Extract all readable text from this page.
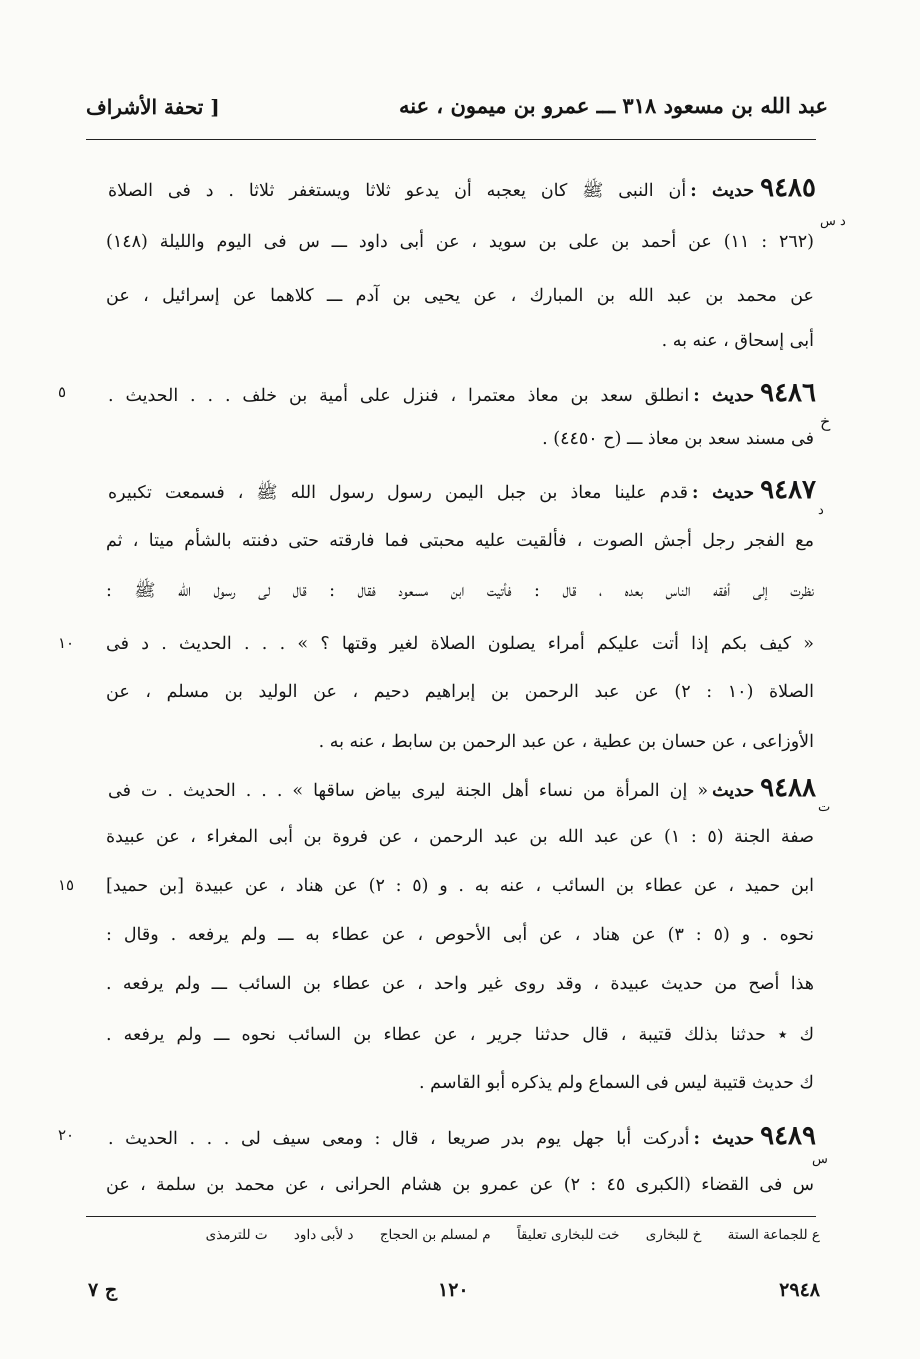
عبد الله بن مسعود ٣١٨ ـــ عمرو بن ميمون ، عنه
[ تحفة الأشراف
٩٤٨٥حديث :أن النبى ﷺ كان يعجبه أن يدعو ثلاثا ويستغفر ثلاثا . د فى الصلاة
د س
(٢٦٢ : ١١) عن أحمد بن على بن سويد ، عن أبى داود ـــ س فى اليوم والليلة (١٤٨)
عن محمد بن عبد الله بن المبارك ، عن يحيى بن آدم ـــ كلاهما عن إسرائيل ، عن
أبى إسحاق ، عنه به .
٩٤٨٦حديث :انطلق سعد بن معاذ معتمرا ، فنزل على أمية بن خلف . . . الحديث .
خ
فى مسند سعد بن معاذ ـــ (ح ٤٤٥٠) .
٩٤٨٧حديث :قدم علينا معاذ بن جبل اليمن رسول رسول الله ﷺ ، فسمعت تكبيره
د
مع الفجر رجل أجش الصوت ، فألقيت عليه محبتى فما فارقته حتى دفنته بالشأم ميتا ، ثم
نظرت إلى أفقه الناس بعده ، قال : فأتيت ابن مسعود فقال : قال لى رسول الله ﷺ :
« كيف بكم إذا أتت عليكم أمراء يصلون الصلاة لغير وقتها ؟ » . . . الحديث . د فى
الصلاة (١٠ : ٢) عن عبد الرحمن بن إبراهيم دحيم ، عن الوليد بن مسلم ، عن
الأوزاعى ، عن حسان بن عطية ، عن عبد الرحمن بن سابط ، عنه به .
٩٤٨٨حديث« إن المرأة من نساء أهل الجنة ليرى بياض ساقها » . . . الحديث . ت فى
ت
صفة الجنة (٥ : ١) عن عبد الله بن عبد الرحمن ، عن فروة بن أبى المغراء ، عن عبيدة
ابن حميد ، عن عطاء بن السائب ، عنه به . و (٥ : ٢) عن هناد ، عن عبيدة [بن حميد]
نحوه . و (٥ : ٣) عن هناد ، عن أبى الأحوص ، عن عطاء به ـــ ولم يرفعه . وقال :
هذا أصح من حديث عبيدة ، وقد روى غير واحد ، عن عطاء بن السائب ـــ ولم يرفعه .
ك ٭ حدثنا بذلك قتيبة ، قال حدثنا جرير ، عن عطاء بن السائب نحوه ـــ ولم يرفعه .
ك حديث قتيبة ليس فى السماع ولم يذكره أبو القاسم .
٩٤٨٩حديث :أدركت أبا جهل يوم بدر صريعا ، قال : ومعى سيف لى . . . الحديث .
س
س فى القضاء (الكبرى ٤٥ : ٢) عن عمرو بن هشام الحرانى ، عن محمد بن سلمة ، عن
٥
١٠
١٥
٢٠
ع للجماعة الستة خ للبخارى خت للبخارى تعليقاً م لمسلم بن الحجاج د لأبى داود ت للترمذى
ج ٧	١٢٠	٢٩٤٨
